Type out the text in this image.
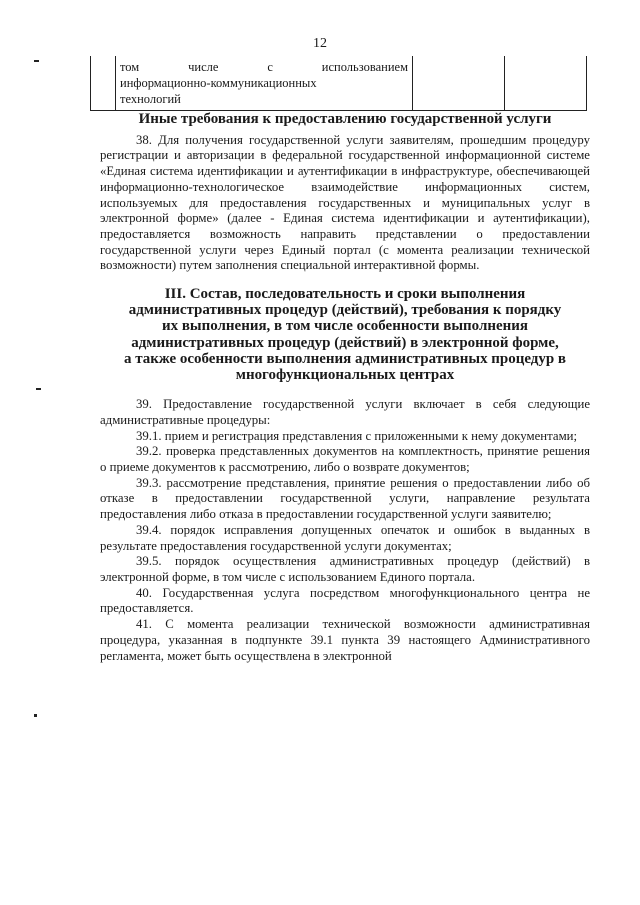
12

том числе с использованием
информационно-коммуникационных
технологий

Иные требования к предоставлению государственной услуги

38. Для получения государственной услуги заявителям, прошедшим процедуру регистрации и авторизации в федеральной государственной информационной системе «Единая система идентификации и аутентификации в инфраструктуре, обеспечивающей информационно-технологическое взаимодействие информационных систем, используемых для предоставления государственных и муниципальных услуг в электронной форме» (далее - Единая система идентификации и аутентификации), предоставляется возможность направить представлении о предоставлении государственной услуги через Единый портал (с момента реализации технической возможности) путем заполнения специальной интерактивной формы.

III. Состав, последовательность и сроки выполнения
административных процедур (действий), требования к порядку
их выполнения, в том числе особенности выполнения
административных процедур (действий) в электронной форме,
а также особенности выполнения административных процедур в
многофункциональных центрах

39. Предоставление государственной услуги включает в себя следующие административные процедуры:

39.1. прием и регистрация представления с приложенными к нему документами;

39.2. проверка представленных документов на комплектность, принятие решения о приеме документов к рассмотрению, либо о возврате документов;

39.3. рассмотрение представления, принятие решения о предоставлении либо об отказе в предоставлении государственной услуги, направление результата предоставления либо отказа в предоставлении государственной услуги заявителю;

39.4. порядок исправления допущенных опечаток и ошибок в выданных в результате предоставления государственной услуги документах;

39.5. порядок осуществления административных процедур (действий) в электронной форме, в том числе с использованием Единого портала.

40. Государственная услуга посредством многофункционального центра не предоставляется.

41. С момента реализации технической возможности административная процедура, указанная в подпункте 39.1 пункта 39 настоящего Административного регламента, может быть осуществлена в электронной
